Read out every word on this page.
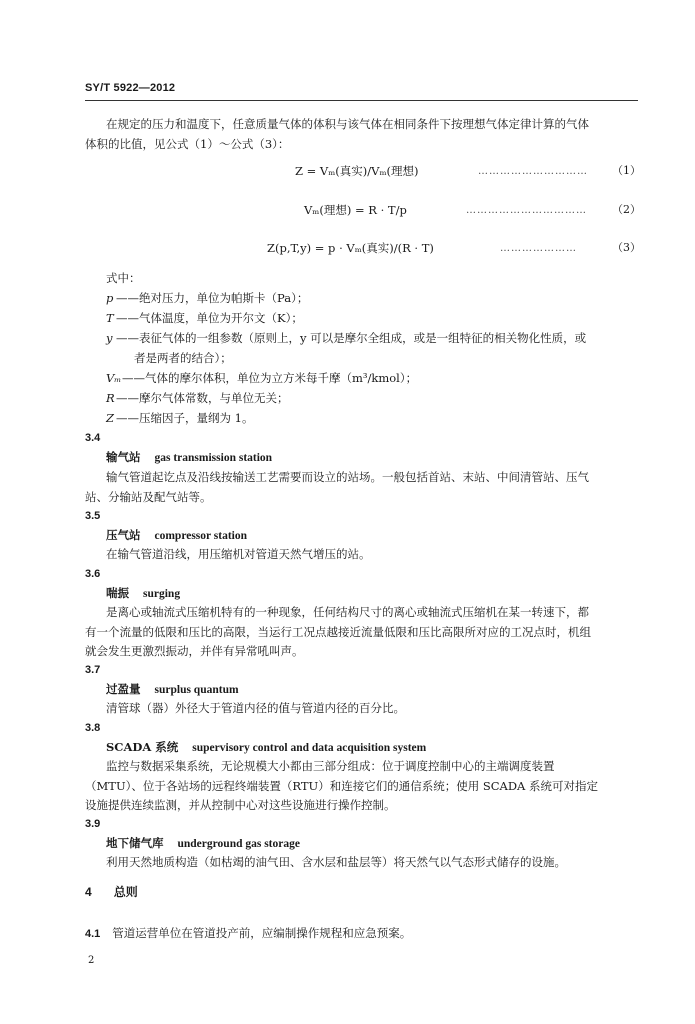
SY/T 5922—2012
在规定的压力和温度下，任意质量气体的体积与该气体在相同条件下按理想气体定律计算的气体
体积的比值，见公式（1）～公式（3）：
Z = Vₘ(真实)/Vₘ(理想)	………………………… （1）
Vₘ(理想) = R · T/p	…………………………… （2）
Z(p,T,y) = p · Vₘ(真实)/(R · T)	…………………	（3）
式中：
p ——绝对压力，单位为帕斯卡（Pa）；
T ——气体温度，单位为开尔文（K）；
y ——表征气体的一组参数（原则上，y 可以是摩尔全组成，或是一组特征的相关物化性质，或
者是两者的结合）；
Vₘ ——气体的摩尔体积，单位为立方米每千摩（m³/kmol）；
R ——摩尔气体常数，与单位无关；
Z ——压缩因子，量纲为 1。
3.4
输气站 gas transmission station
输气管道起讫点及沿线按输送工艺需要而设立的站场。一般包括首站、末站、中间清管站、压气
站、分输站及配气站等。
3.5
压气站 compressor station
在输气管道沿线，用压缩机对管道天然气增压的站。
3.6
喘振 surging
是离心或轴流式压缩机特有的一种现象，任何结构尺寸的离心或轴流式压缩机在某一转速下，都
有一个流量的低限和压比的高限，当运行工况点越接近流量低限和压比高限所对应的工况点时，机组
就会发生更激烈振动，并伴有异常吼叫声。
3.7
过盈量 surplus quantum
清管球（器）外径大于管道内径的值与管道内径的百分比。
3.8
SCADA 系统 supervisory control and data acquisition system
监控与数据采集系统，无论规模大小都由三部分组成：位于调度控制中心的主端调度装置
（MTU）、位于各站场的远程终端装置（RTU）和连接它们的通信系统；使用 SCADA 系统可对指定
设施提供连续监测，并从控制中心对这些设施进行操作控制。
3.9
地下储气库 underground gas storage
利用天然地质构造（如枯竭的油气田、含水层和盐层等）将天然气以气态形式储存的设施。
4 总则
4.1 管道运营单位在管道投产前，应编制操作规程和应急预案。
2
